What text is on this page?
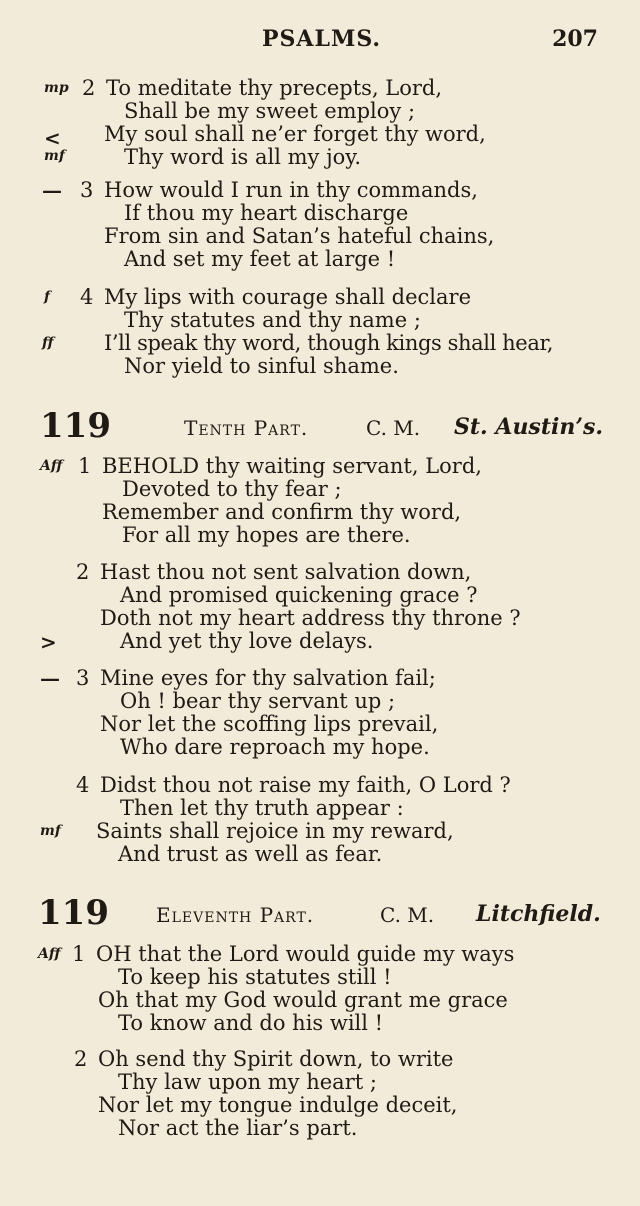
PSALMS.	207
mp
<
mf
2 To meditate thy precepts, Lord,
Shall be my sweet employ ;
My soul shall ne’er forget thy word,
Thy word is all my joy.
— 3 How would I run in thy commands,
If thou my heart discharge
From sin and Satan’s hateful chains,
And set my feet at large !
f
ff
4 My lips with courage shall declare
Thy statutes and thy name ;
I’ll speak thy word, though kings shall hear,
Nor yield to sinful shame.
119	Tenth Part.	C. M. St. Austin’s.
Aff 1 BEHOLD thy waiting servant, Lord,
Devoted to thy fear ;
Remember and confirm thy word,
For all my hopes are there.
>
2 Hast thou not sent salvation down,
And promised quickening grace ?
Doth not my heart address thy throne ?
And yet thy love delays.
— 3 Mine eyes for thy salvation fail;
Oh ! bear thy servant up ;
Nor let the scoffing lips prevail,
Who dare reproach my hope.
mf
4 Didst thou not raise my faith, O Lord ?
Then let thy truth appear :
Saints shall rejoice in my reward,
And trust as well as fear.
119 Eleventh Part.	C. M. Litchfield.
Aff 1 OH that the Lord would guide my ways
To keep his statutes still !
Oh that my God would grant me grace
To know and do his will !
2 Oh send thy Spirit down, to write
Thy law upon my heart ;
Nor let my tongue indulge deceit,
Nor act the liar’s part.
